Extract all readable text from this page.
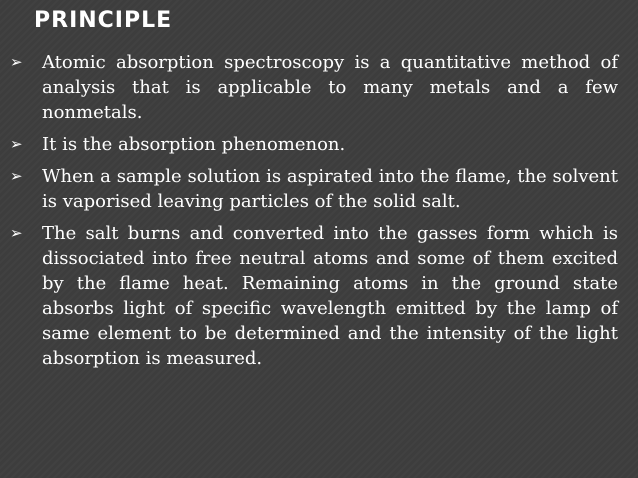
PRINCIPLE
➢ Atomic absorption spectroscopy is a quantitative method of analysis that is applicable to many metals and a few nonmetals.
➢ It is the absorption phenomenon.
➢ When a sample solution is aspirated into the flame, the solvent is vaporised leaving particles of the solid salt.
➢ The salt burns and converted into the gasses form which is dissociated into free neutral atoms and some of them excited by the flame heat. Remaining atoms in the ground state absorbs light of specific wavelength emitted by the lamp of same element to be determined and the intensity of the light absorption is measured.
